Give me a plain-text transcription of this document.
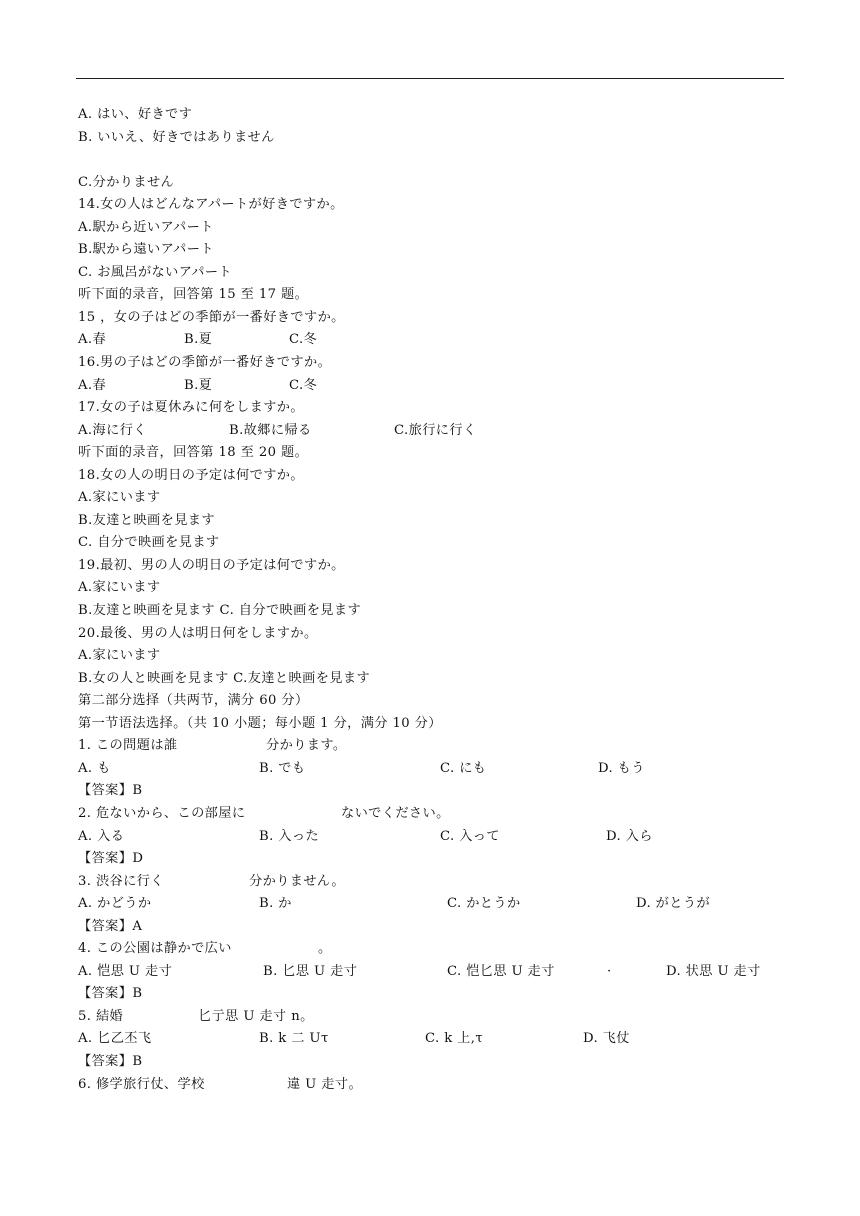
A. はい、好きです
B. いいえ、好きではありません
C.分かりません
14.女の人はどんなアパートが好きですか。
A.駅から近いアパート
B.駅から遠いアパート
C. お風呂がないアパート
听下面的录音，回答第 15 至 17 题。
15 ，女の子はどの季節が一番好きですか。
A.春	B.夏	C.冬
16.男の子はどの季節が一番好きですか。
A.春	B.夏	C.冬
17.女の子は夏休みに何をしますか。
A.海に行く	B.故郷に帰る	C.旅行に行く
听下面的录音，回答第 18 至 20 题。
18.女の人の明日の予定は何ですか。
A.家にいます
B.友達と映画を見ます
C. 自分で映画を見ます
19.最初、男の人の明日の予定は何ですか。
A.家にいます
B.友達と映画を見ます C. 自分で映画を見ます
20.最後、男の人は明日何をしますか。
A.家にいます
B.女の人と映画を見ます C.友達と映画を見ます
第二部分选择（共两节，满分 60 分）
第一节语法选择。（共 10 小题；每小题 1 分，满分 10 分）
1. この問題は誰	分かります。
A. も	B. でも	C. にも	D. もう
【答案】B
2. 危ないから、この部屋に	ないでください。
A. 入る	B. 入った	C. 入って	D. 入ら
【答案】D
3. 渋谷に行く	分かりません。
A. かどうか	B. か	C. かとうか	D. がとうが
【答案】A
4. この公園は静かで広い	。
A. 恺思 U 走寸	B. 匕思 U 走寸	C. 恺匕思 U 走寸	·	D. 状思 U 走寸
【答案】B
5. 結婚	匕亍思 U 走寸 n。
A. 匕乙丕飞	B. k 二 Uτ	C. k 上,τ	D. 飞仗
【答案】B
6. 修学旅行仗、学校	違 U 走寸。
